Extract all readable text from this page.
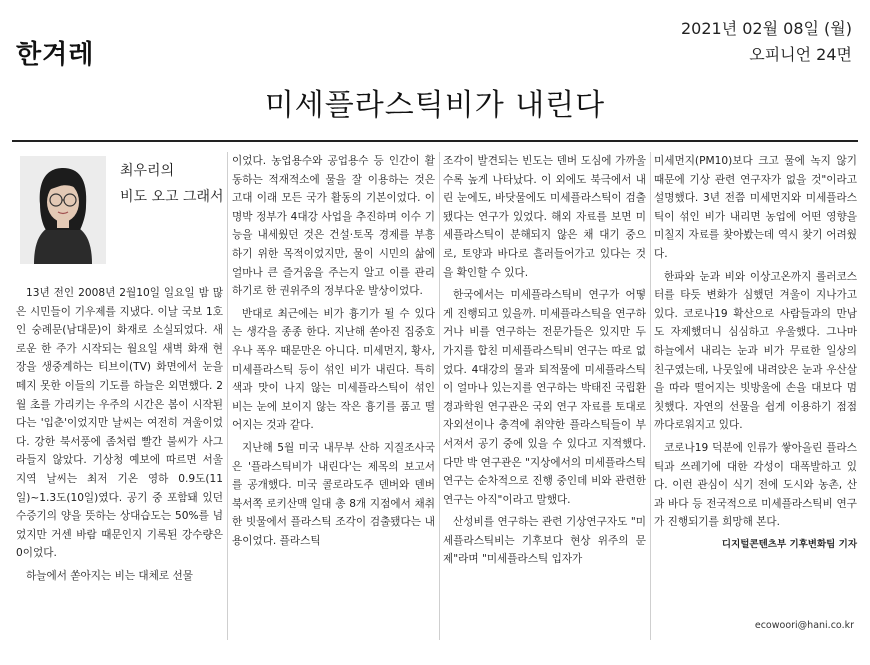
한겨레
2021년 02월 08일 (월)
오피니언 24면
미세플라스틱비가 내린다
최우리의
비도 오고 그래서

13년 전인 2008년 2월10일 일요일 밤 많은 시민들이 기우제를 지냈다. 이날 국보 1호인 숭례문(남대문)이 화재로 소실되었다. 새로운 한 주가 시작되는 월요일 새벽 화재 현장을 생중계하는 티브이(TV) 화면에서 눈을 떼지 못한 이들의 기도를 하늘은 외면했다. 2월 초를 가리키는 우주의 시간은 봄이 시작된다는 '입춘'이었지만 날씨는 여전히 겨울이었다. 강한 북서풍에 좀처럼 빨간 불씨가 사그라들지 않았다. 기상청 예보에 따르면 서울 지역 날씨는 최저 기온 영하 0.9도(11일)~1.3도(10일)였다. 공기 중 포함돼 있던 수증기의 양을 뜻하는 상대습도는 50%를 넘었지만 거센 바람 때문인지 기록된 강수량은 0이었다.

하늘에서 쏟아지는 비는 대체로 선물

이었다. 농업용수와 공업용수 등 인간이 활동하는 적재적소에 물을 잘 이용하는 것은 고대 이래 모든 국가 활동의 기본이었다. 이명박 정부가 4대강 사업을 추진하며 이수 기능을 내세웠던 것은 건설·토목 경제를 부흥하기 위한 목적이었지만, 물이 시민의 삶에 얼마나 큰 즐거움을 주는지 알고 이를 관리하기로 한 권위주의 정부다운 발상이었다.

반대로 최근에는 비가 흉기가 될 수 있다는 생각을 종종 한다. 지난해 쏟아진 집중호우나 폭우 때문만은 아니다. 미세먼지, 황사, 미세플라스틱 등이 섞인 비가 내린다. 특히 색과 맛이 나지 않는 미세플라스틱이 섞인 비는 눈에 보이지 않는 작은 흉기를 품고 떨어지는 것과 같다.

지난해 5월 미국 내무부 산하 지질조사국은 '플라스틱비가 내린다'는 제목의 보고서를 공개했다. 미국 콜로라도주 덴버와 덴버 북서쪽 로키산맥 일대 총 8개 지점에서 채취한 빗물에서 플라스틱 조각이 검출됐다는 내용이었다. 플라스틱

조각이 발견되는 빈도는 덴버 도심에 가까울수록 높게 나타났다. 이 외에도 북극에서 내린 눈에도, 바닷물에도 미세플라스틱이 검출됐다는 연구가 있었다. 해외 자료를 보면 미세플라스틱이 분해되지 않은 채 대기 중으로, 토양과 바다로 흘러들어가고 있다는 것을 확인할 수 있다.

한국에서는 미세플라스틱비 연구가 어떻게 진행되고 있을까. 미세플라스틱을 연구하거나 비를 연구하는 전문가들은 있지만 두 가지를 합친 미세플라스틱비 연구는 따로 없었다. 4대강의 물과 퇴적물에 미세플라스틱이 얼마나 있는지를 연구하는 박태진 국립환경과학원 연구관은 국외 연구 자료를 토대로 자외선이나 충격에 취약한 플라스틱들이 부서져서 공기 중에 있을 수 있다고 지적했다. 다만 박 연구관은 "지상에서의 미세플라스틱 연구는 순차적으로 진행 중인데 비와 관련한 연구는 아직"이라고 말했다.

산성비를 연구하는 관련 기상연구자도 "미세플라스틱비는 기후보다 현상 위주의 문제"라며 "미세플라스틱 입자가

미세먼지(PM10)보다 크고 물에 녹지 않기 때문에 기상 관련 연구자가 없을 것"이라고 설명했다. 3년 전쯤 미세먼지와 미세플라스틱이 섞인 비가 내리면 농업에 어떤 영향을 미칠지 자료를 찾아봤는데 역시 찾기 어려웠다.

한파와 눈과 비와 이상고온까지 롤러코스터를 타듯 변화가 심했던 겨울이 지나가고 있다. 코로나19 확산으로 사람들과의 만남도 자제했더니 심심하고 우울했다. 그나마 하늘에서 내리는 눈과 비가 무료한 일상의 친구였는데, 나뭇잎에 내려앉은 눈과 우산살을 따라 떨어지는 빗방울에 손을 대보다 멈칫했다. 자연의 선물을 쉽게 이용하기 점점 까다로워지고 있다.

코로나19 덕분에 인류가 쌓아올린 플라스틱과 쓰레기에 대한 각성이 대폭발하고 있다. 이런 관심이 식기 전에 도시와 농촌, 산과 바다 등 전국적으로 미세플라스틱비 연구가 진행되기를 희망해 본다.

디지털콘텐츠부 기후변화팀 기자
ecowoori@hani.co.kr
